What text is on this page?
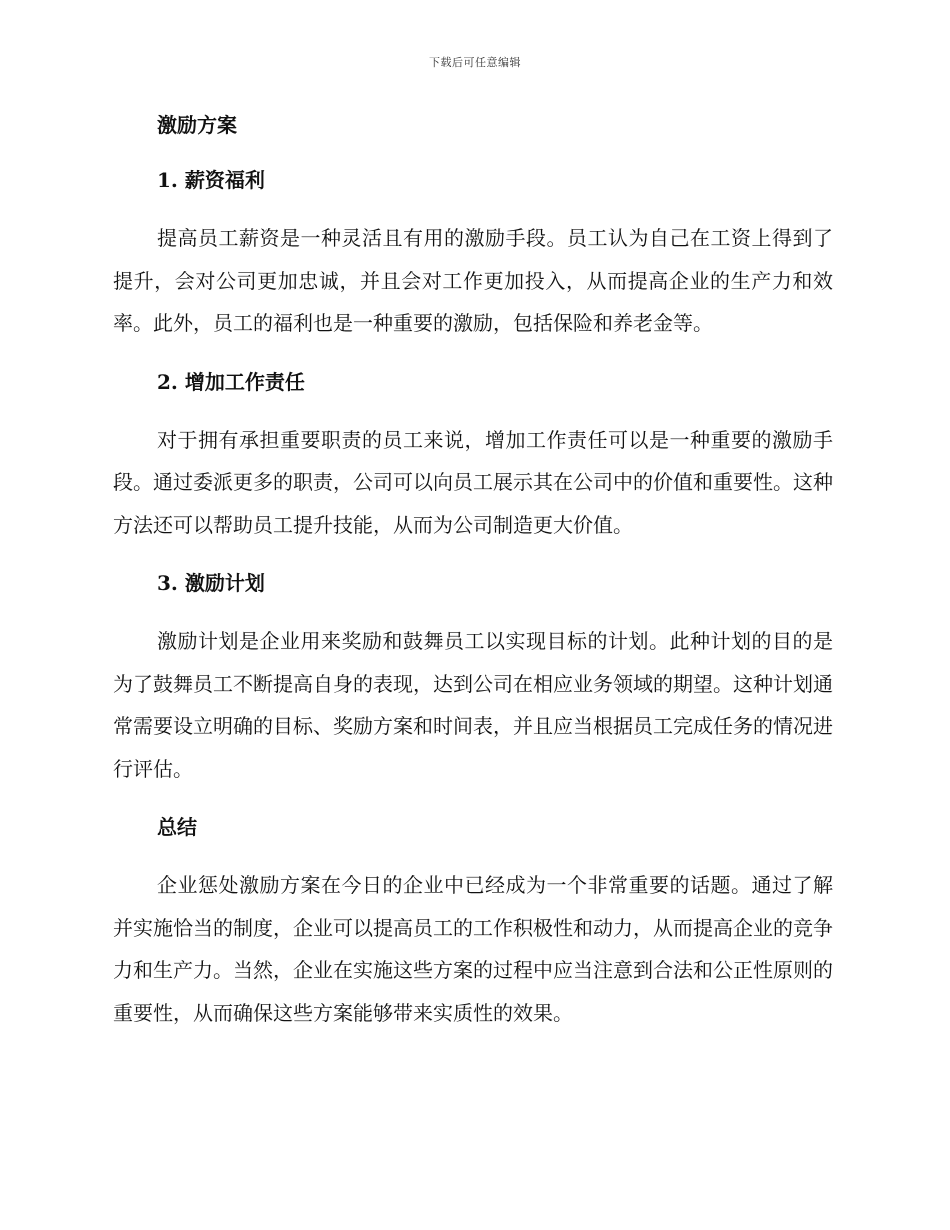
下载后可任意编辑
激励方案
1. 薪资福利

提高员工薪资是一种灵活且有用的激励手段。员工认为自己在工资上得到了提升，会对公司更加忠诚，并且会对工作更加投入，从而提高企业的生产力和效率。此外，员工的福利也是一种重要的激励，包括保险和养老金等。

2. 增加工作责任

对于拥有承担重要职责的员工来说，增加工作责任可以是一种重要的激励手段。通过委派更多的职责，公司可以向员工展示其在公司中的价值和重要性。这种方法还可以帮助员工提升技能，从而为公司制造更大价值。

3. 激励计划

激励计划是企业用来奖励和鼓舞员工以实现目标的计划。此种计划的目的是为了鼓舞员工不断提高自身的表现，达到公司在相应业务领域的期望。这种计划通常需要设立明确的目标、奖励方案和时间表，并且应当根据员工完成任务的情况进行评估。

总结

企业惩处激励方案在今日的企业中已经成为一个非常重要的话题。通过了解并实施恰当的制度，企业可以提高员工的工作积极性和动力，从而提高企业的竞争力和生产力。当然，企业在实施这些方案的过程中应当注意到合法和公正性原则的重要性，从而确保这些方案能够带来实质性的效果。
